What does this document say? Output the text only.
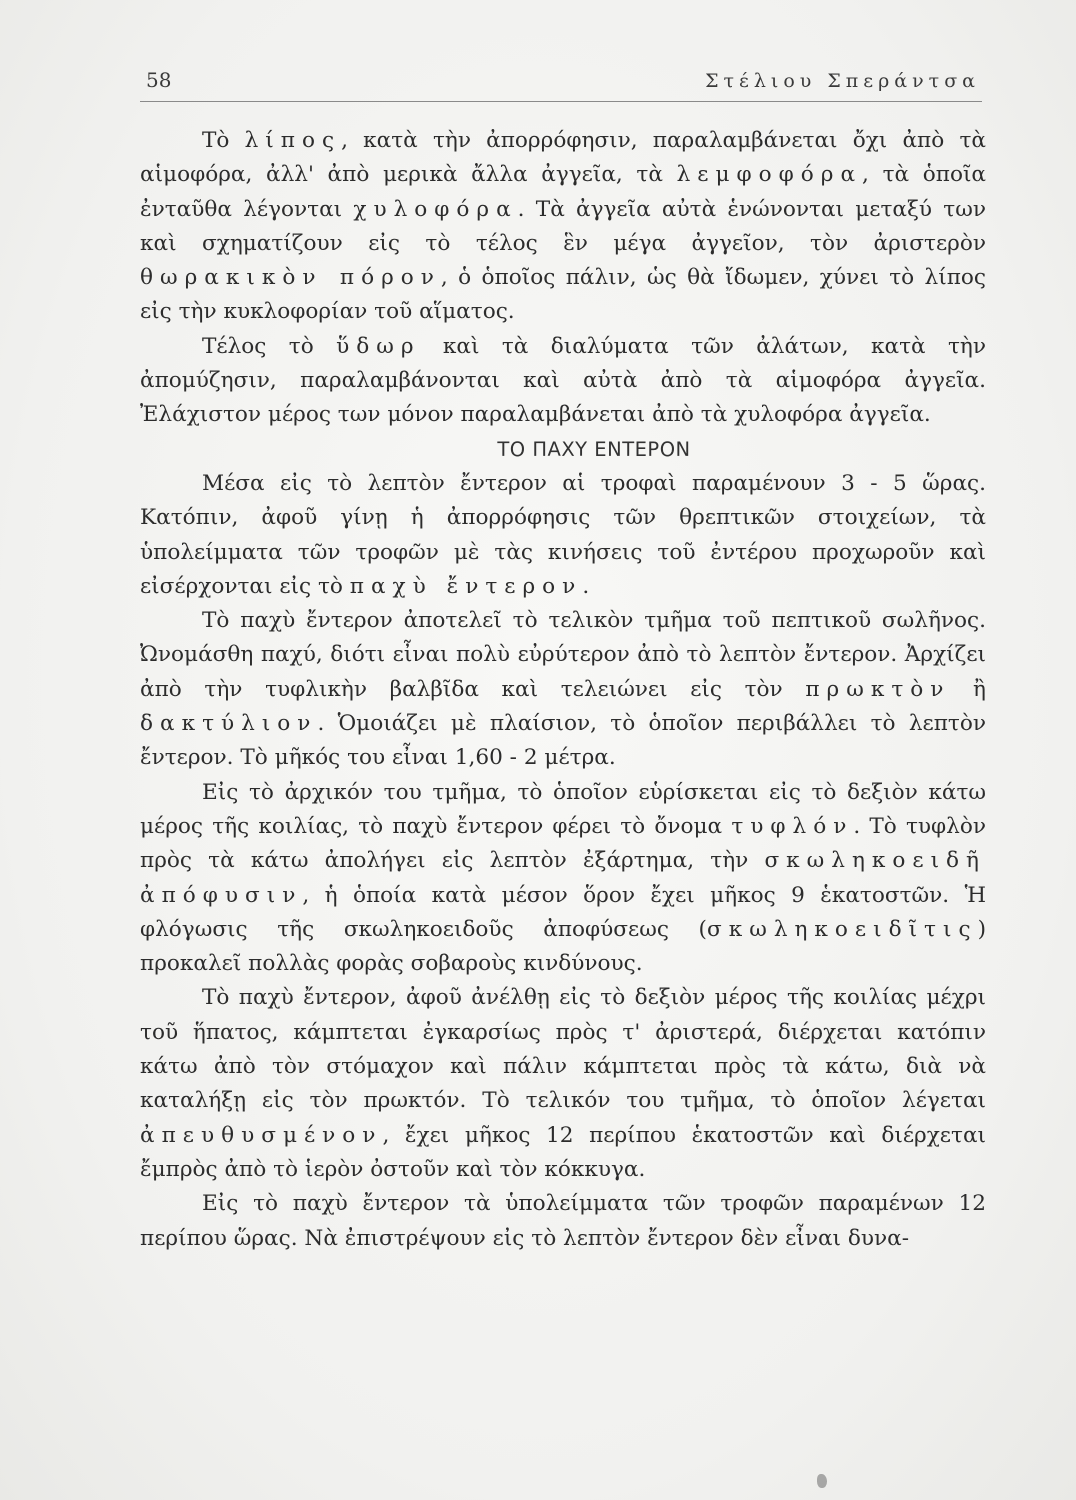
58	Στέλιου Σπεράντσα

Τὸ λίπος, κατὰ τὴν ἀπορρόφησιν, παραλαμβάνεται ὄχι ἀπὸ τὰ αἱμοφόρα, ἀλλ' ἀπὸ μερικὰ ἄλλα ἀγγεῖα, τὰ λεμφοφόρα, τὰ ὁποῖα ἐνταῦθα λέγονται χυλοφόρα. Τὰ ἀγγεῖα αὐτὰ ἑνώνονται μεταξύ των καὶ σχηματίζουν εἰς τὸ τέλος ἓν μέγα ἀγγεῖον, τὸν ἀριστερὸν θωρακικὸν πόρον, ὁ ὁποῖος πάλιν, ὡς θὰ ἴδωμεν, χύνει τὸ λίπος εἰς τὴν κυκλοφορίαν τοῦ αἵματος.

Τέλος τὸ ὕδωρ καὶ τὰ διαλύματα τῶν ἀλάτων, κατὰ τὴν ἀπομύζησιν, παραλαμβάνονται καὶ αὐτὰ ἀπὸ τὰ αἱμοφόρα ἀγγεῖα. Ἐλάχιστον μέρος των μόνον παραλαμβάνεται ἀπὸ τὰ χυλοφόρα ἀγγεῖα.

ΤΟ ΠΑΧΥ ΕΝΤΕΡΟΝ

Μέσα εἰς τὸ λεπτὸν ἔντερον αἱ τροφαὶ παραμένουν 3 - 5 ὥρας. Κατόπιν, ἀφοῦ γίνῃ ἡ ἀπορρόφησις τῶν θρεπτικῶν στοιχείων, τὰ ὑπολείμματα τῶν τροφῶν μὲ τὰς κινήσεις τοῦ ἐντέρου προχωροῦν καὶ εἰσέρχονται εἰς τὸ παχὺ ἔντερον.

Τὸ παχὺ ἔντερον ἀποτελεῖ τὸ τελικὸν τμῆμα τοῦ πεπτικοῦ σωλῆνος. Ὠνομάσθη παχύ, διότι εἶναι πολὺ εὐρύτερον ἀπὸ τὸ λεπτὸν ἔντερον. Ἀρχίζει ἀπὸ τὴν τυφλικὴν βαλβῖδα καὶ τελειώνει εἰς τὸν πρωκτὸν ἢ δακτύλιον. Ὁμοιάζει μὲ πλαίσιον, τὸ ὁποῖον περιβάλλει τὸ λεπτὸν ἔντερον. Τὸ μῆκός του εἶναι 1,60 - 2 μέτρα.

Εἰς τὸ ἀρχικόν του τμῆμα, τὸ ὁποῖον εὑρίσκεται εἰς τὸ δεξιὸν κάτω μέρος τῆς κοιλίας, τὸ παχὺ ἔντερον φέρει τὸ ὄνομα τυφλόν. Τὸ τυφλὸν πρὸς τὰ κάτω ἀπολήγει εἰς λεπτὸν ἐξάρτημα, τὴν σκωληκοειδῆ ἀπόφυσιν, ἡ ὁποία κατὰ μέσον ὅρον ἔχει μῆκος 9 ἑκατοστῶν. Ἡ φλόγωσις τῆς σκωληκοειδοῦς ἀποφύσεως (σκωληκοειδῖτις) προκαλεῖ πολλὰς φορὰς σοβαροὺς κινδύνους.

Τὸ παχὺ ἔντερον, ἀφοῦ ἀνέλθῃ εἰς τὸ δεξιὸν μέρος τῆς κοιλίας μέχρι τοῦ ἥπατος, κάμπτεται ἐγκαρσίως πρὸς τ' ἀριστερά, διέρχεται κατόπιν κάτω ἀπὸ τὸν στόμαχον καὶ πάλιν κάμπτεται πρὸς τὰ κάτω, διὰ νὰ καταλήξῃ εἰς τὸν πρωκτόν. Τὸ τελικόν του τμῆμα, τὸ ὁποῖον λέγεται ἀπευθυσμένον, ἔχει μῆκος 12 περίπου ἑκατοστῶν καὶ διέρχεται ἔμπρὸς ἀπὸ τὸ ἱερὸν ὀστοῦν καὶ τὸν κόκκυγα.

Εἰς τὸ παχὺ ἔντερον τὰ ὑπολείμματα τῶν τροφῶν παραμένων 12 περίπου ὥρας. Νὰ ἐπιστρέψουν εἰς τὸ λεπτὸν ἔντερον δὲν εἶναι δυνα-
